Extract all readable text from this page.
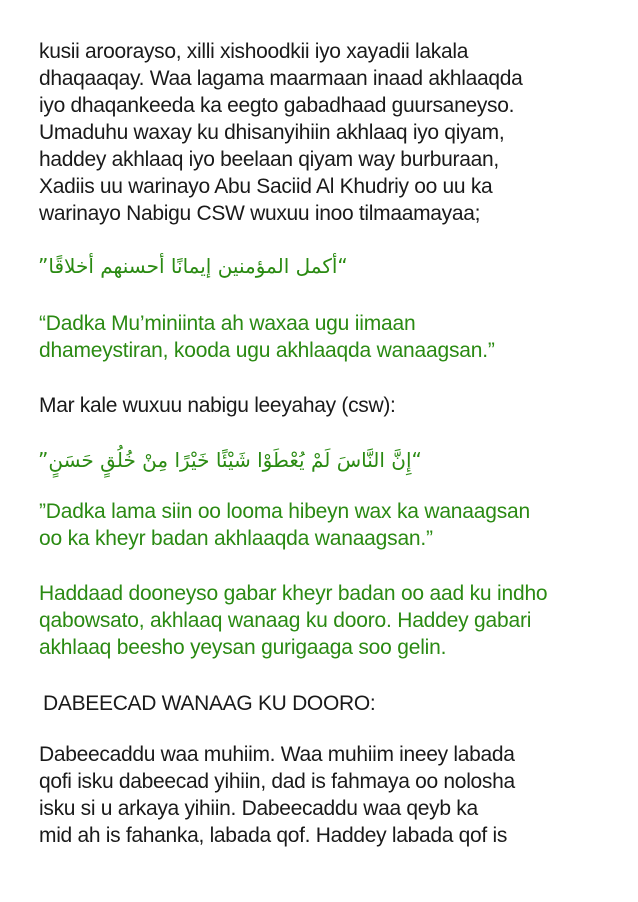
kusii aroorayso, xilli xishoodkii iyo xayadii lakala
dhaqaaqay. Waa lagama maarmaan inaad akhlaaqda
iyo dhaqankeeda ka eegto gabadhaad guursaneyso.
Umaduhu waxay ku dhisanyihiin akhlaaq iyo qiyam,
haddey akhlaaq iyo beelaan qiyam way burburaan,
Xadiis uu warinayo Abu Saciid Al Khudriy oo uu ka
warinayo Nabigu CSW wuxuu inoo tilmaamayaa;
“أكمل المؤمنين إيمانًا أحسنهم أخلاقًا”
“Dadka Mu’miniinta ah waxaa ugu iimaan
dhameystiran, kooda ugu akhlaaqda wanaagsan.”
Mar kale wuxuu nabigu leeyahay (csw):
“إِنَّ النَّاسَ لَمْ يُعْطَوْا شَيْئًا خَيْرًا مِنْ خُلُقٍ حَسَنٍ”
”Dadka lama siin oo looma hibeyn wax ka wanaagsan
oo ka kheyr badan akhlaaqda wanaagsan.”
Haddaad dooneyso gabar kheyr badan oo aad ku indho
qabowsato, akhlaaq wanaag ku dooro. Haddey gabari
akhlaaq beesho yeysan gurigaaga soo gelin.
DABEECAD WANAAG KU DOORO:
Dabeecaddu waa muhiim. Waa muhiim ineey labada
qofi isku dabeecad yihiin, dad is fahmaya oo nolosha
isku si u arkaya yihiin. Dabeecaddu waa qeyb ka
mid ah is fahanka, labada qof. Haddey labada qof is
